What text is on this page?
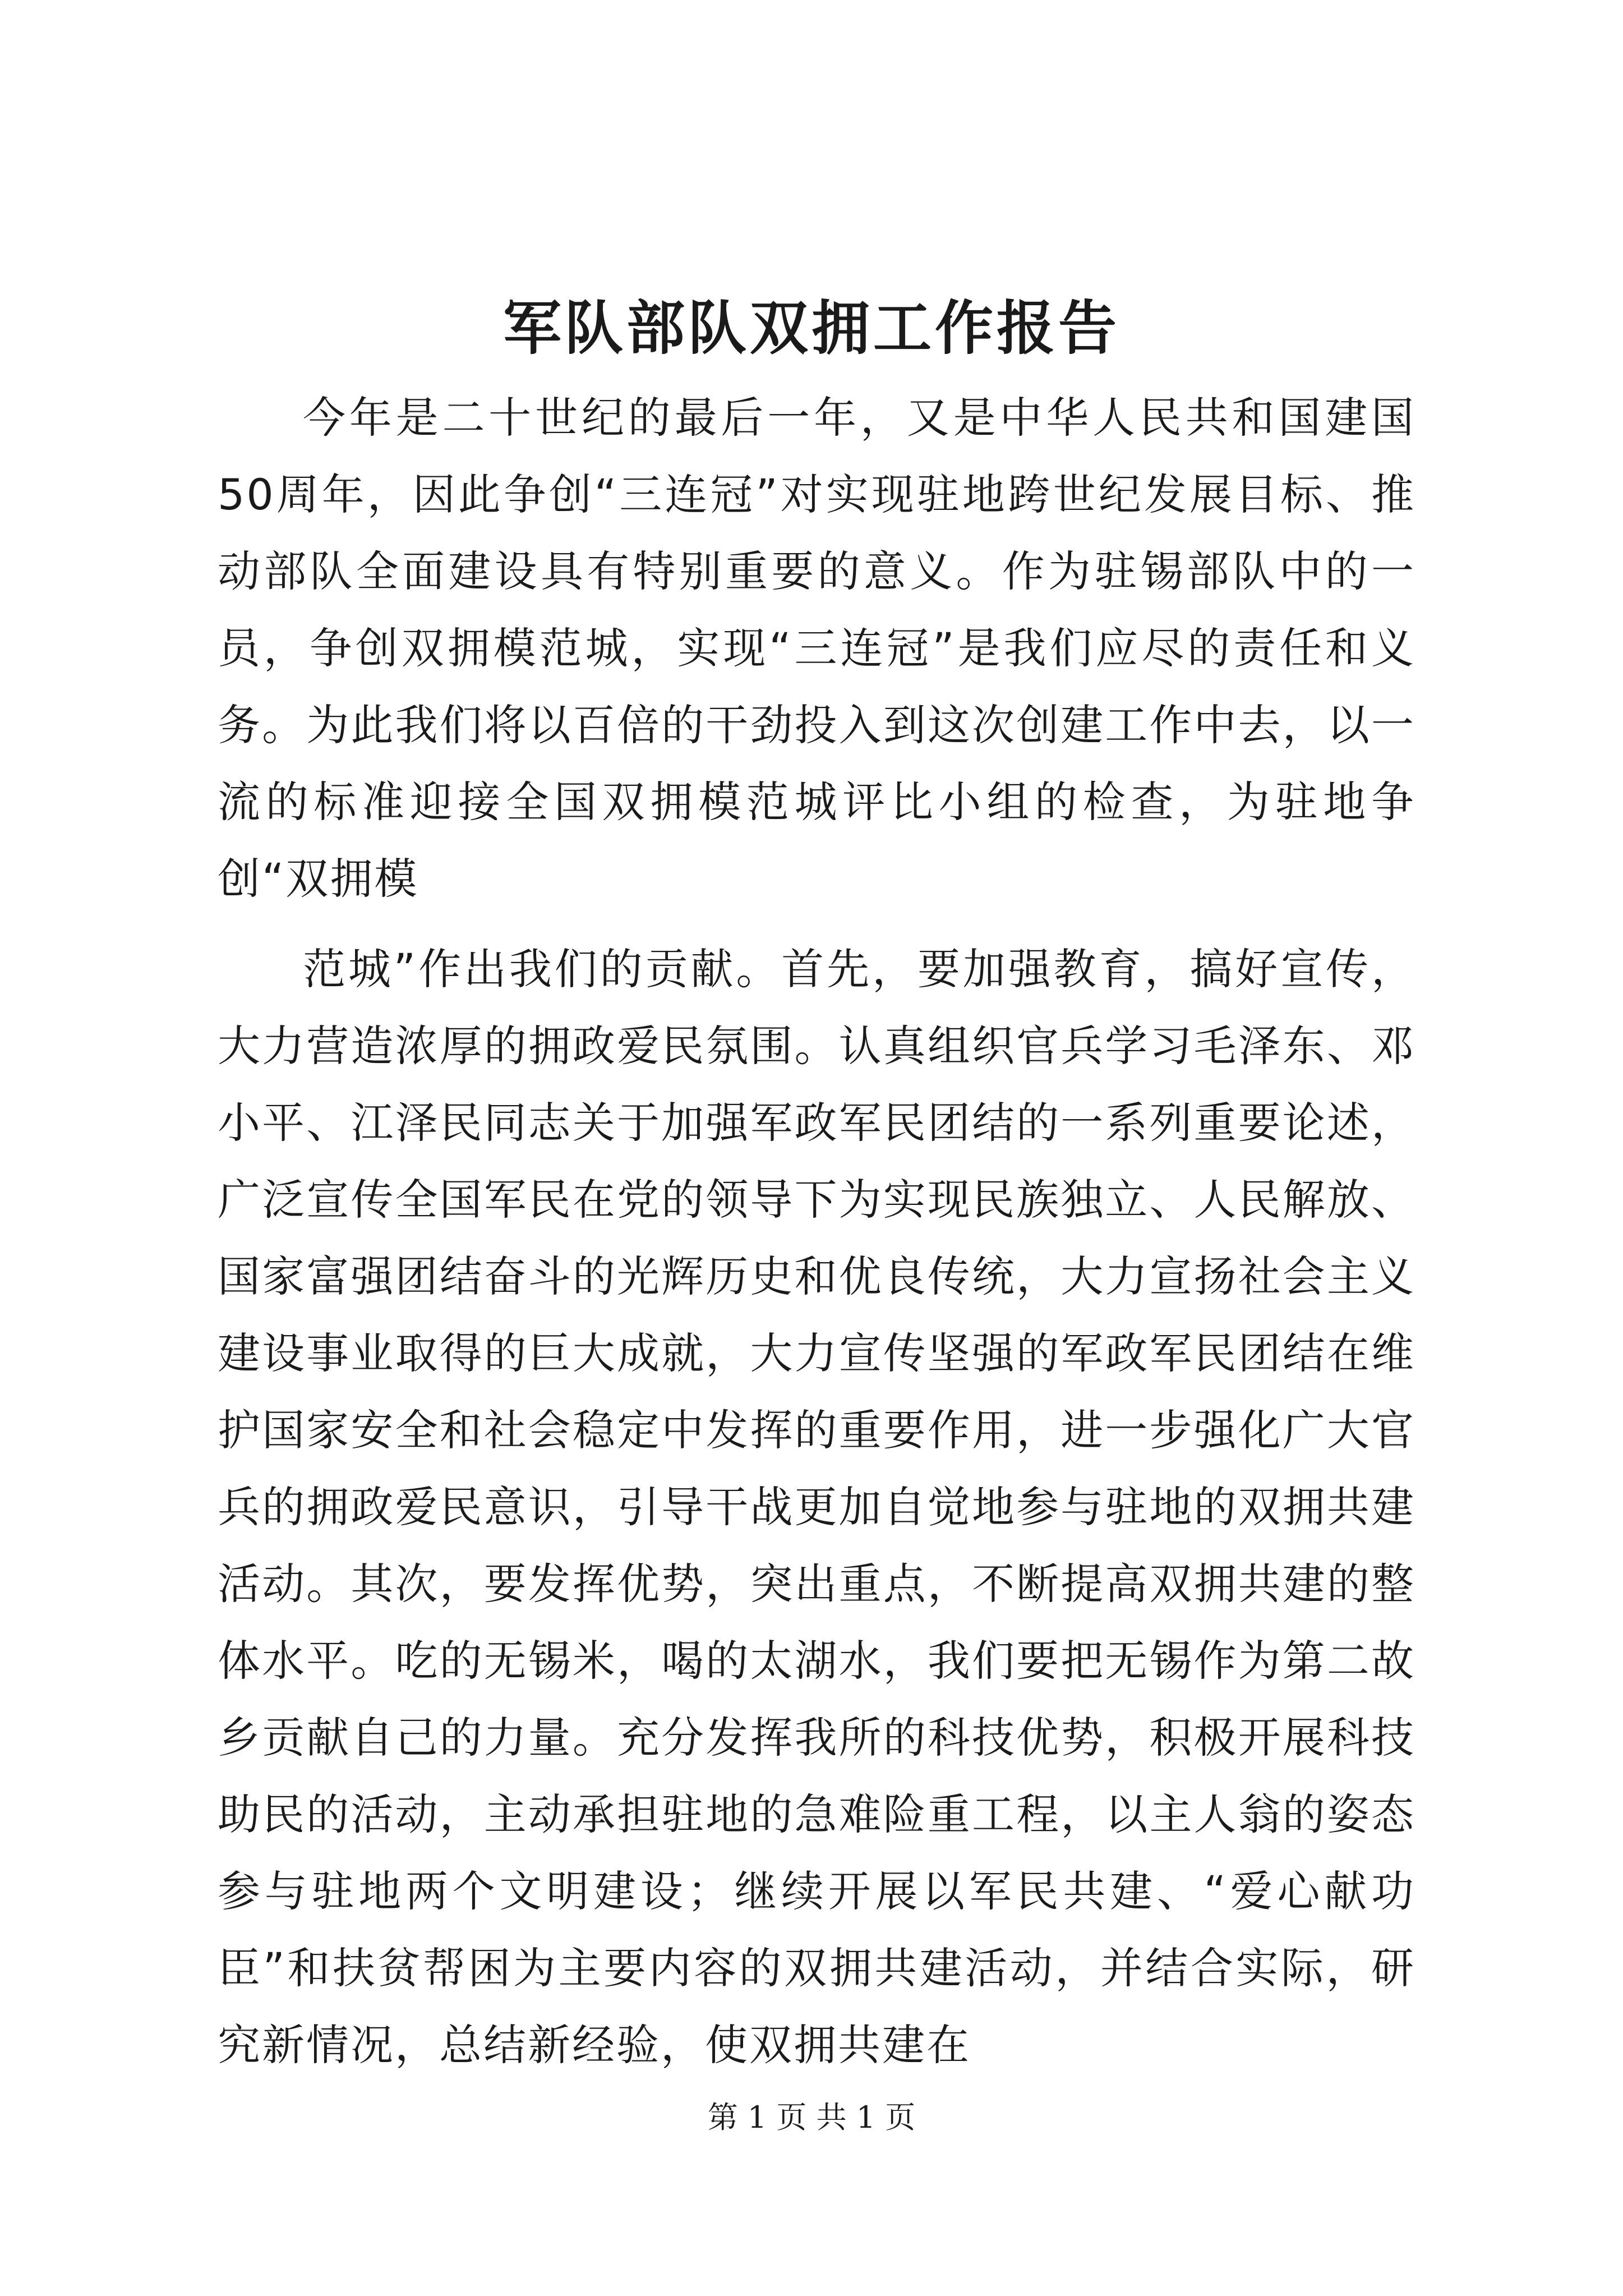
军队部队双拥工作报告

今年是二十世纪的最后一年，又是中华人民共和国建国50周年，因此争创“三连冠”对实现驻地跨世纪发展目标、推动部队全面建设具有特别重要的意义。作为驻锡部队中的一员，争创双拥模范城，实现“三连冠”是我们应尽的责任和义务。为此我们将以百倍的干劲投入到这次创建工作中去，以一流的标准迎接全国双拥模范城评比小组的检查，为驻地争创“双拥模

范城”作出我们的贡献。首先，要加强教育，搞好宣传，大力营造浓厚的拥政爱民氛围。认真组织官兵学习毛泽东、邓小平、江泽民同志关于加强军政军民团结的一系列重要论述，广泛宣传全国军民在党的领导下为实现民族独立、人民解放、国家富强团结奋斗的光辉历史和优良传统，大力宣扬社会主义建设事业取得的巨大成就，大力宣传坚强的军政军民团结在维护国家安全和社会稳定中发挥的重要作用，进一步强化广大官兵的拥政爱民意识，引导干战更加自觉地参与驻地的双拥共建活动。其次，要发挥优势，突出重点，不断提高双拥共建的整体水平。吃的无锡米，喝的太湖水，我们要把无锡作为第二故乡贡献自己的力量。充分发挥我所的科技优势，积极开展科技助民的活动，主动承担驻地的急难险重工程，以主人翁的姿态参与驻地两个文明建设；继续开展以军民共建、“爱心献功臣”和扶贫帮困为主要内容的双拥共建活动，并结合实际，研究新情况，总结新经验，使双拥共建在

第 1 页 共 1 页
